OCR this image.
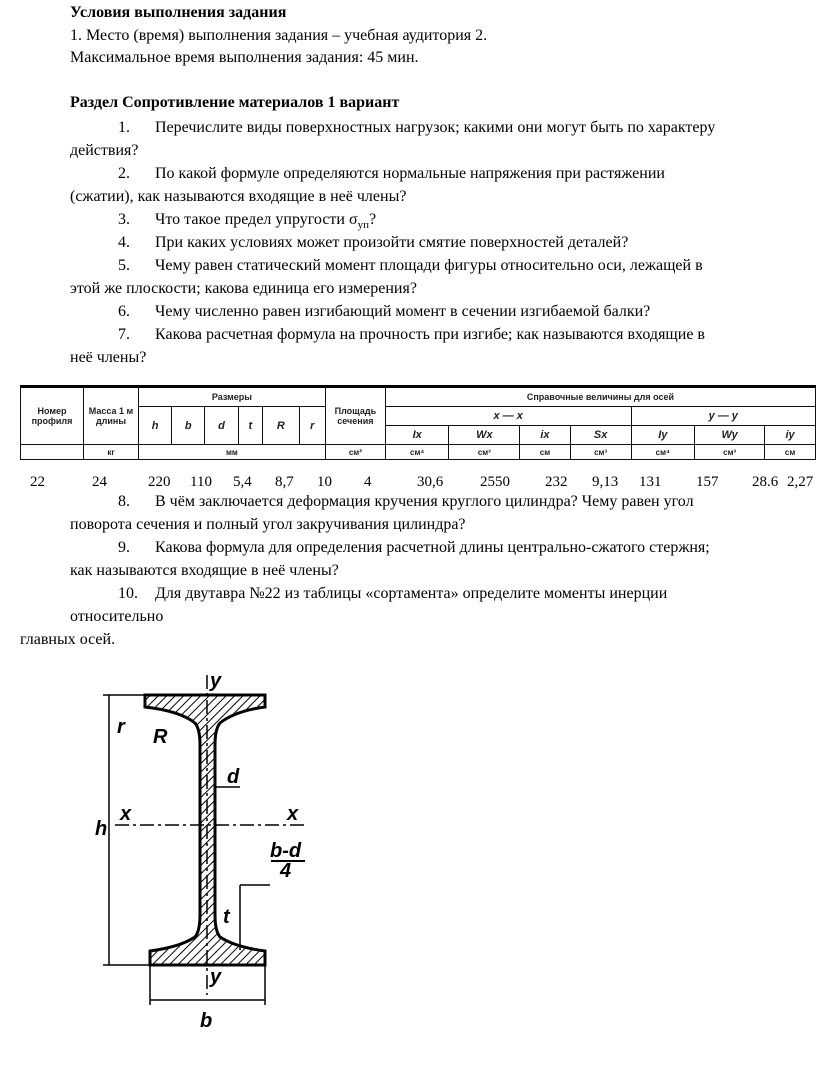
Условия выполнения задания
1. Место (время) выполнения задания – учебная аудитория 2.
Максимальное время выполнения задания: 45 мин.
Раздел Сопротивление материалов 1 вариант
1. Перечислите виды поверхностных нагрузок; какими они могут быть по характеру
действия?
2. По какой формуле определяются нормальные напряжения при растяжении
(сжатии), как называются входящие в неё члены?
3. Что такое предел упругости $\sigma_{уп}$?
4. При каких условиях может произойти смятие поверхностей деталей?
5. Чему равен статический момент площади фигуры относительно оси, лежащей в
этой же плоскости; какова единица его измерения?
6. Чему численно равен изгибающий момент в сечении изгибаемой балки?
7. Какова расчетная формула на прочность при изгибе; как называются входящие в
неё члены?
Номер профиля	Масса 1 м длины	Размеры						Площадь сечения	Справочные величины для осей						
		h	b	d	t	R	r		x — x				y — y		
									Ix	Wx	ix	Sx	Iy	Wy	iy
	кг	мм						см²	см⁴	см³	см	см³	см⁴	см³	см
22	24	220 110 5,4 8,7 10 4	30,6 2550 232 9,13 131 157 28.6 2,27
8. В чём заключается деформация кручения круглого цилиндра? Чему равен угол
поворота сечения и полный угол закручивания цилиндра?
9. Какова формула для определения расчетной длины центрально-сжатого стержня;
как называются входящие в неё члены?
10. Для двутавра №22 из таблицы «сортамента» определите моменты инерции
относительно
главных осей.
y
r R
d
x	x
h
b-d
4
t
y
b
